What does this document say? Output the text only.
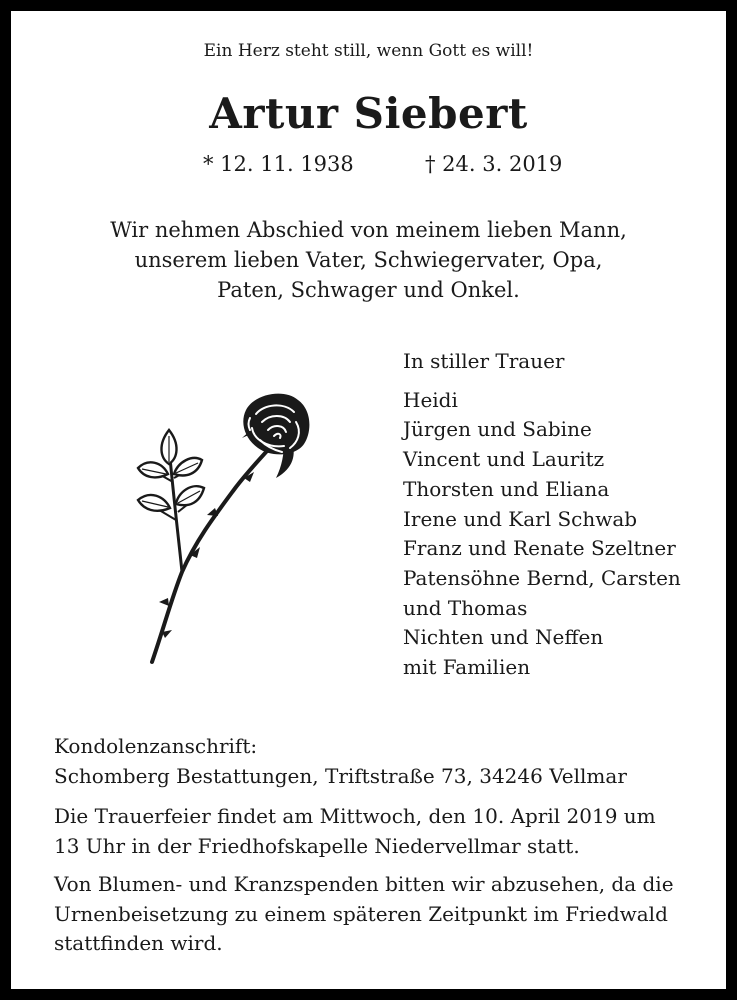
Ein Herz steht still, wenn Gott es will!
Artur Siebert
* 12. 11. 1938	† 24. 3. 2019
Wir nehmen Abschied von meinem lieben Mann,
unserem lieben Vater, Schwiegervater, Opa,
Paten, Schwager und Onkel.
In stiller Trauer
Heidi
Jürgen und Sabine
Vincent und Lauritz
Thorsten und Eliana
Irene und Karl Schwab
Franz und Renate Szeltner
Patensöhne Bernd, Carsten
und Thomas
Nichten und Neffen
mit Familien
Kondolenzanschrift:
Schomberg Bestattungen, Triftstraße 73, 34246 Vellmar
Die Trauerfeier findet am Mittwoch, den 10. April 2019 um
13 Uhr in der Friedhofskapelle Niedervellmar statt.
Von Blumen- und Kranzspenden bitten wir abzusehen, da die
Urnenbeisetzung zu einem späteren Zeitpunkt im Friedwald
stattfinden wird.
